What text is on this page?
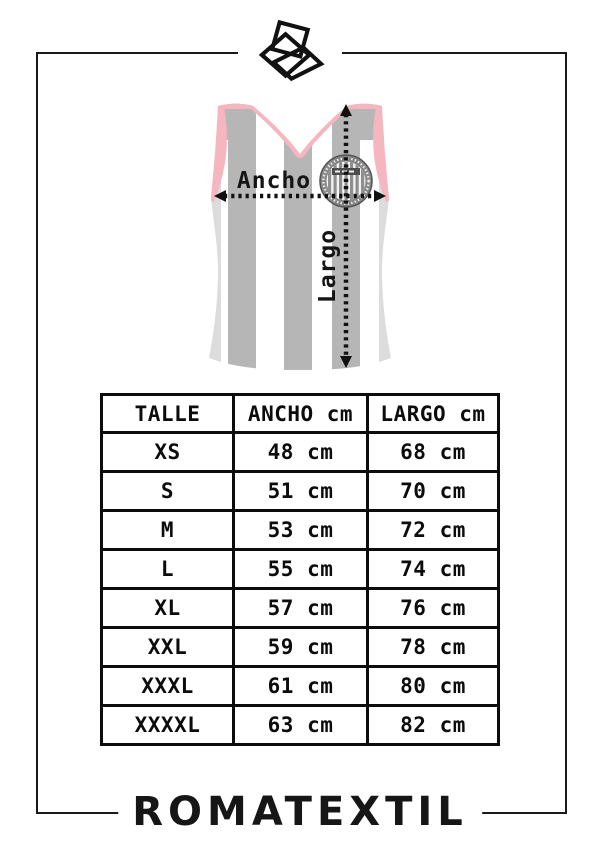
Ancho
Largo
TALLE	ANCHO cm	LARGO cm
XS	48 cm	68 cm
S	51 cm	70 cm
M	53 cm	72 cm
L	55 cm	74 cm
XL	57 cm	76 cm
XXL	59 cm	78 cm
XXXL	61 cm	80 cm
XXXXL	63 cm	82 cm
ROMATEXTIL
